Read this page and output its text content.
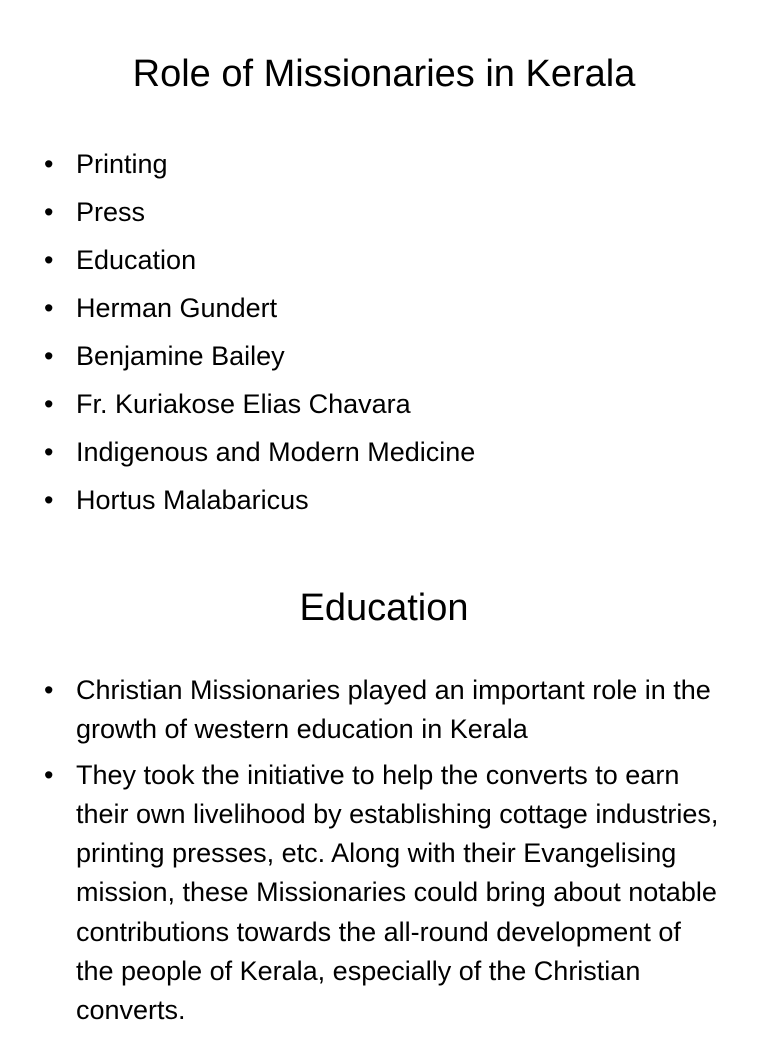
Role of Missionaries in Kerala
• Printing
• Press
• Education
• Herman Gundert
• Benjamine Bailey
• Fr. Kuriakose Elias Chavara
• Indigenous and Modern Medicine
• Hortus Malabaricus
Education
• Christian Missionaries played an important role in the growth of western education in Kerala
• They took the initiative to help the converts to earn their own livelihood by establishing cottage industries, printing presses, etc. Along with their Evangelising mission, these Missionaries could bring about notable contributions towards the all-round development of the people of Kerala, especially of the Christian converts.
